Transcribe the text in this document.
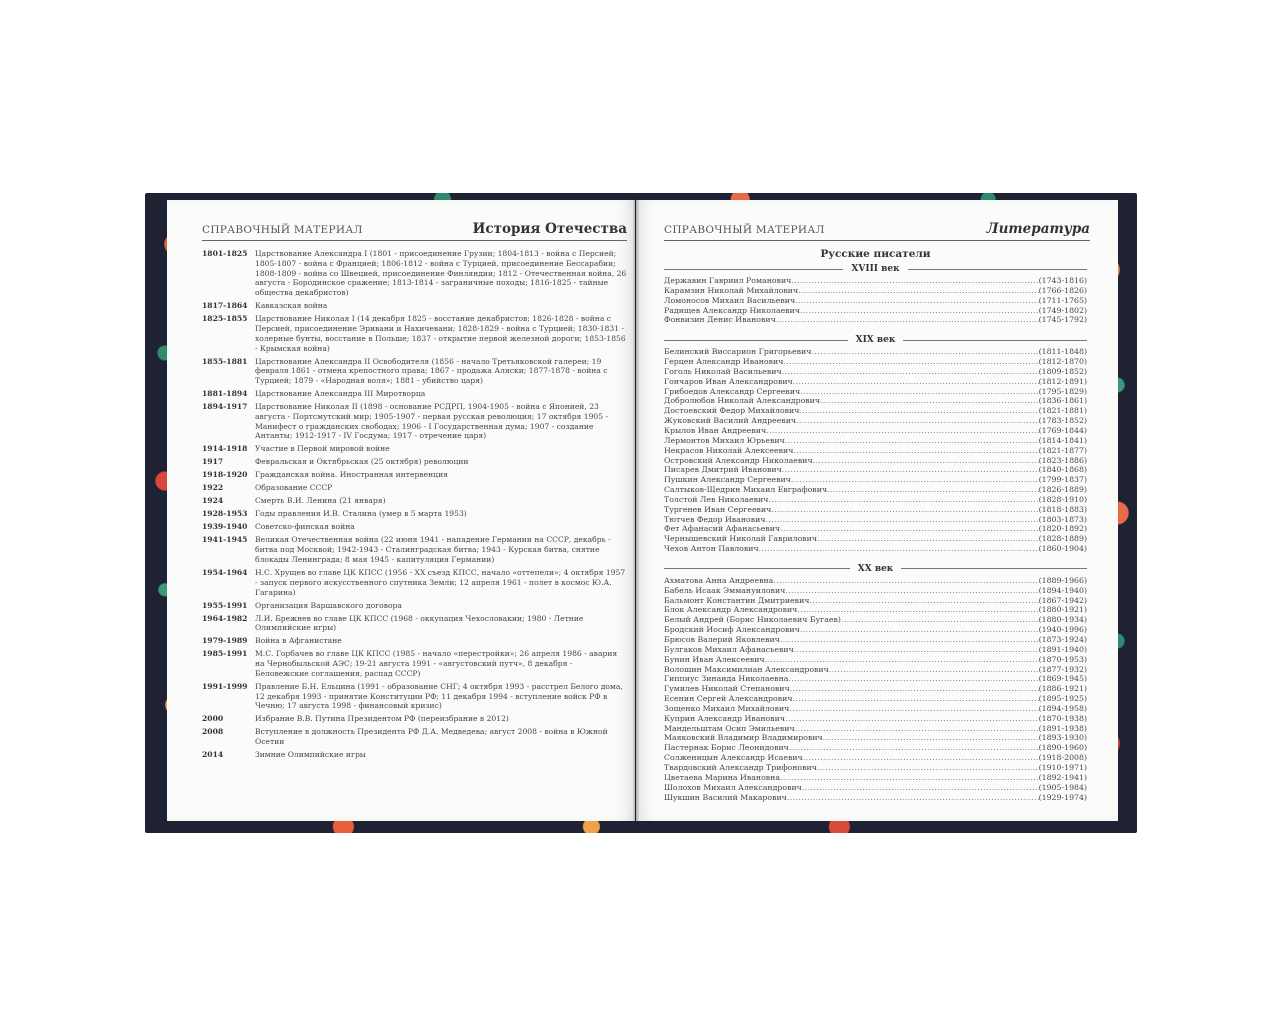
СПРАВОЧНЫЙ МАТЕРИАЛ	История Отечества
1801-1825 Царствование Александра I (1801 - присоединение Грузии; 1804-1813 - война с Персией; 1805-1807 - война с Францией; 1806-1812 - война с Турцией, присоединение Бессарабии; 1808-1809 - война со Швецией, присоединение Финляндии; 1812 - Отечественная война, 26 августа - Бородинское сражение; 1813-1814 - заграничные походы; 1816-1825 - тайные общества декабристов)
1817-1864 Кавказская война
1825-1855 Царствование Николая I (14 декабря 1825 - восстание декабристов; 1826-1828 - война с Персией, присоединение Эривани и Нахичевани; 1828-1829 - война с Турцией; 1830-1831 - холерные бунты, восстание в Польше; 1837 - открытие первой железной дороги; 1853-1856 - Крымская война)
1855-1881 Царствование Александра II Освободителя (1856 - начало Третьяковской галереи; 19 февраля 1861 - отмена крепостного права; 1867 - продажа Аляски; 1877-1878 - война с Турцией; 1879 - «Народная воля»; 1881 - убийство царя)
1881-1894 Царствование Александра III Миротворца
1894-1917 Царствование Николая II (1898 - основание РСДРП, 1904-1905 - война с Японией, 23 августа - Портсмутский мир; 1905-1907 - первая русская революция; 17 октября 1905 - Манифест о гражданских свободах; 1906 - I Государственная дума; 1907 - создание Антанты; 1912-1917 - IV Госдума; 1917 - отречение царя)
1914-1918 Участие в Первой мировой войне
1917	Февральская и Октябрьская (25 октября) революции
1918-1920 Гражданская война. Иностранная интервенция
1922	Образование СССР
1924	Смерть В.И. Ленина (21 января)
1928-1953 Годы правления И.В. Сталина (умер в 5 марта 1953)
1939-1940 Советско-финская война
1941-1945 Великая Отечественная война (22 июня 1941 - нападение Германии на СССР, декабрь - битва под Москвой; 1942-1943 - Сталинградская битва; 1943 - Курская битва, снятие блокады Ленинграда; 8 мая 1945 - капитуляция Германии)
1954-1964 Н.С. Хрущев во главе ЦК КПСС (1956 - XX съезд КПСС, начало «оттепели»; 4 октября 1957 - запуск первого искусственного спутника Земли; 12 апреля 1961 - полет в космос Ю.А. Гагарина)
1955-1991 Организация Варшавского договора
1964-1982 Л.И. Брежнев во главе ЦК КПСС (1968 - оккупация Чехословакии; 1980 - Летние Олимпийские игры)
1979-1989 Война в Афганистане
1985-1991 М.С. Горбачев во главе ЦК КПСС (1985 - начало «перестройки»; 26 апреля 1986 - авария на Чернобыльской АЭС; 19-21 августа 1991 - «августовский путч», 8 декабря - Беловежские соглашения, распад СССР)
1991-1999 Правление Б.Н. Ельцина (1991 - образование СНГ; 4 октября 1993 - расстрел Белого дома, 12 декабря 1993 - принятие Конституции РФ; 11 декабря 1994 - вступление войск РФ в Чечню; 17 августа 1998 - финансовый кризис)
2000	Избрание В.В. Путина Президентом РФ (переизбрание в 2012)
2008	Вступление в должность Президента РФ Д.А. Медведева; август 2008 - война в Южной Осетии
2014	Зимние Олимпийские игры
СПРАВОЧНЫЙ МАТЕРИАЛ	Литература
Русские писатели
XVIII век
Державин Гавриил Романович .....	(1743-1816)
Карамзин Николай Михайлович .....	(1766-1826)
Ломоносов Михаил Васильевич .....	(1711-1765)
Радищев Александр Николаевич .....	(1749-1802)
Фонвизин Денис Иванович .....	(1745-1792)
XIX век
Белинский Виссарион Григорьевич .....	(1811-1848)
Герцен Александр Иванович .....	(1812-1870)
Гоголь Николай Васильевич .....	(1809-1852)
Гончаров Иван Александрович .....	(1812-1891)
Грибоедов Александр Сергеевич .....	(1795-1829)
Добролюбов Николай Александрович .....	(1836-1861)
Достоевский Федор Михайлович .....	(1821-1881)
Жуковский Василий Андреевич .....	(1783-1852)
Крылов Иван Андреевич .....	(1769-1844)
Лермонтов Михаил Юрьевич .....	(1814-1841)
Некрасов Николай Алексеевич .....	(1821-1877)
Островский Александр Николаевич .....	(1823-1886)
Писарев Дмитрий Иванович .....	(1840-1868)
Пушкин Александр Сергеевич .....	(1799-1837)
Салтыков-Щедрин Михаил Евграфович .....	(1826-1889)
Толстой Лев Николаевич .....	(1828-1910)
Тургенев Иван Сергеевич .....	(1818-1883)
Тютчев Федор Иванович .....	(1803-1873)
Фет Афанасий Афанасьевич .....	(1820-1892)
Чернышевский Николай Гаврилович .....	(1828-1889)
Чехов Антон Павлович .....	(1860-1904)
XX век
Ахматова Анна Андреевна .....	(1889-1966)
Бабель Исаак Эммануилович .....	(1894-1940)
Бальмонт Константин Дмитриевич .....	(1867-1942)
Блок Александр Александрович .....	(1880-1921)
Белый Андрей (Борис Николаевич Бугаев) .....	(1880-1934)
Бродский Иосиф Александрович .....	(1940-1996)
Брюсов Валерий Яковлевич .....	(1873-1924)
Булгаков Михаил Афанасьевич .....	(1891-1940)
Бунин Иван Алексеевич .....	(1870-1953)
Волошин Максимилиан Александрович .....	(1877-1932)
Гиппиус Зинаида Николаевна .....	(1869-1945)
Гумилев Николай Степанович .....	(1886-1921)
Есенин Сергей Александрович .....	(1895-1925)
Зощенко Михаил Михайлович .....	(1894-1958)
Куприн Александр Иванович .....	(1870-1938)
Мандельштам Осип Эмильевич .....	(1891-1938)
Маяковский Владимир Владимирович .....	(1893-1930)
Пастернак Борис Леонидович .....	(1890-1960)
Солженицын Александр Исаевич .....	(1918-2008)
Твардовский Александр Трифонович .....	(1910-1971)
Цветаева Марина Ивановна .....	(1892-1941)
Шолохов Михаил Александрович .....	(1905-1984)
Шукшин Василий Макарович .....	(1929-1974)
